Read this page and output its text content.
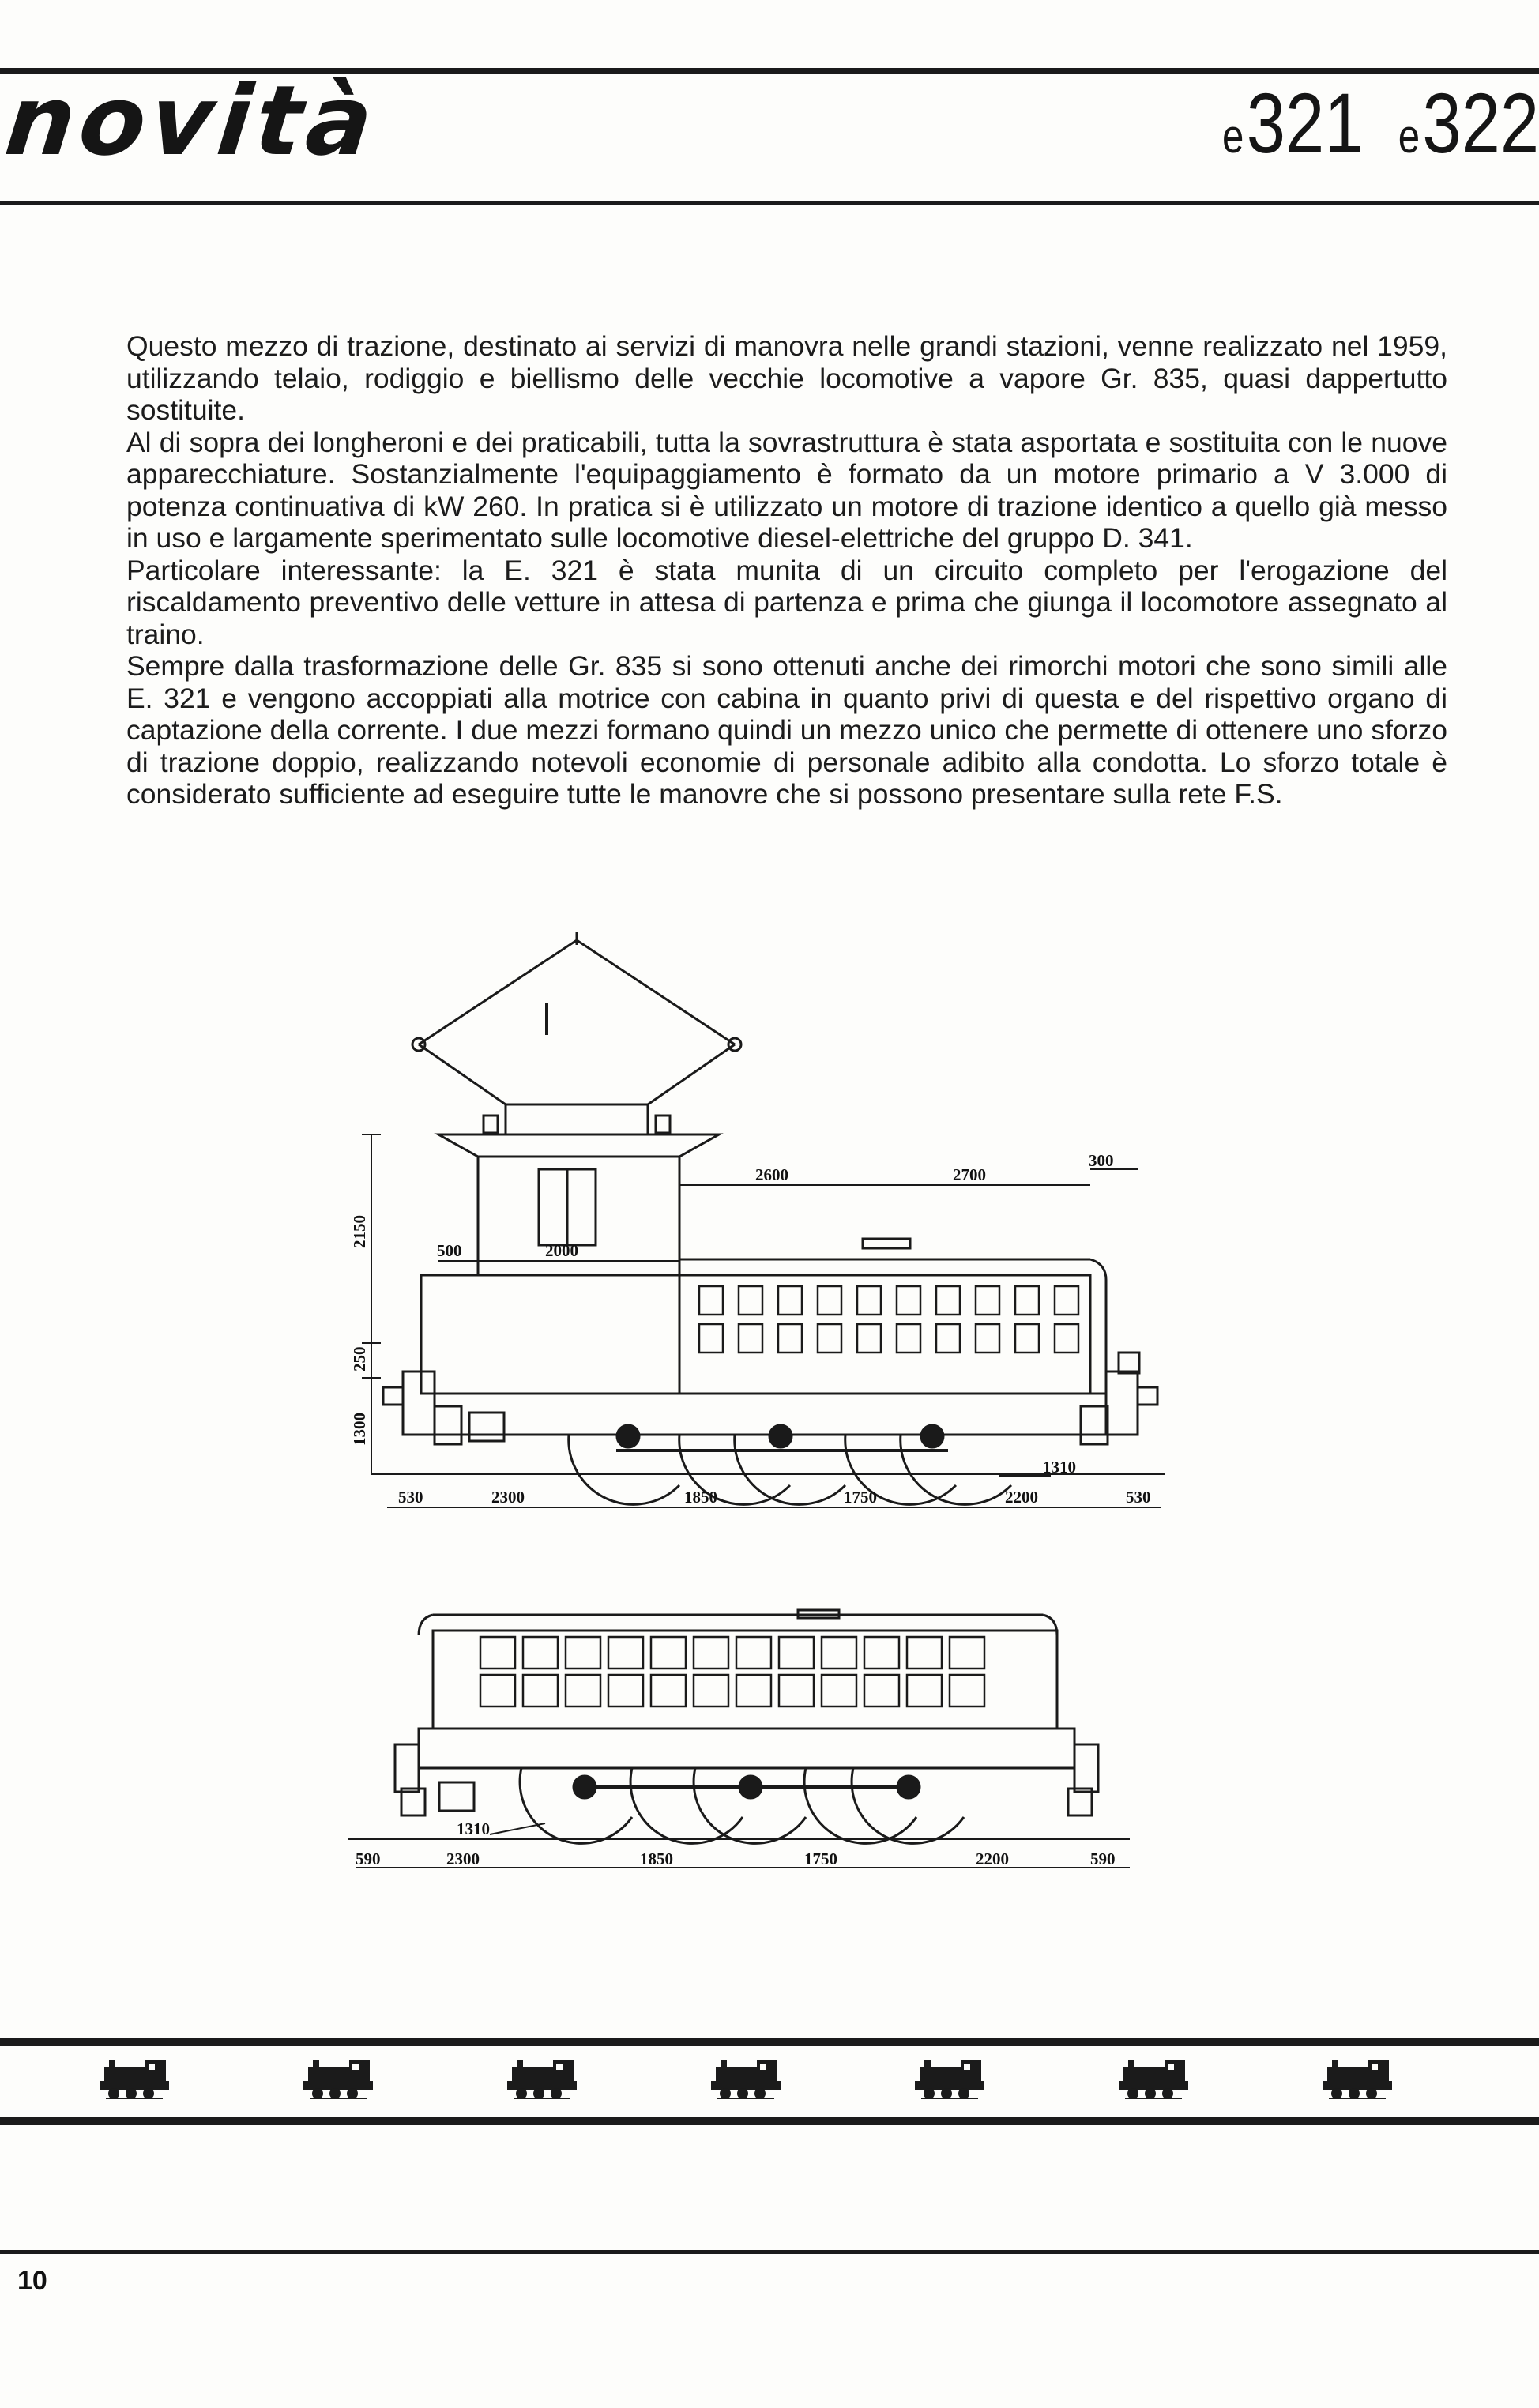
novità	e321 e322

Questo mezzo di trazione, destinato ai servizi di manovra nelle grandi stazioni, venne realizzato nel 1959, utilizzando telaio, rodiggio e biellismo delle vecchie locomotive a vapore Gr. 835, quasi dappertutto sostituite.

Al di sopra dei longheroni e dei praticabili, tutta la sovrastruttura è stata asportata e sostituita con le nuove apparecchiature. Sostanzialmente l'equipaggiamento è formato da un motore primario a V 3.000 di potenza continuativa di kW 260. In pratica si è utilizzato un motore di trazione identico a quello già messo in uso e largamente sperimentato sulle locomotive diesel-elettriche del gruppo D. 341.

Particolare interessante: la E. 321 è stata munita di un circuito completo per l'erogazione del riscaldamento preventivo delle vetture in attesa di partenza e prima che giunga il locomotore assegnato al traino.

Sempre dalla trasformazione delle Gr. 835 si sono ottenuti anche dei rimorchi motori che sono simili alle E. 321 e vengono accoppiati alla motrice con cabina in quanto privi di questa e del rispettivo organo di captazione della corrente. I due mezzi formano quindi un mezzo unico che permette di ottenere uno sforzo di trazione doppio, realizzando notevoli economie di personale adibito alla condotta. Lo sforzo totale è considerato sufficiente ad eseguire tutte le manovre che si possono presentare sulla rete F.S.

2150
250
1300
500	2000
2600	2700
300
1310
530	2300	1850	1750	2200	530
1310
590	2300	1850	1750	2200	590
10
